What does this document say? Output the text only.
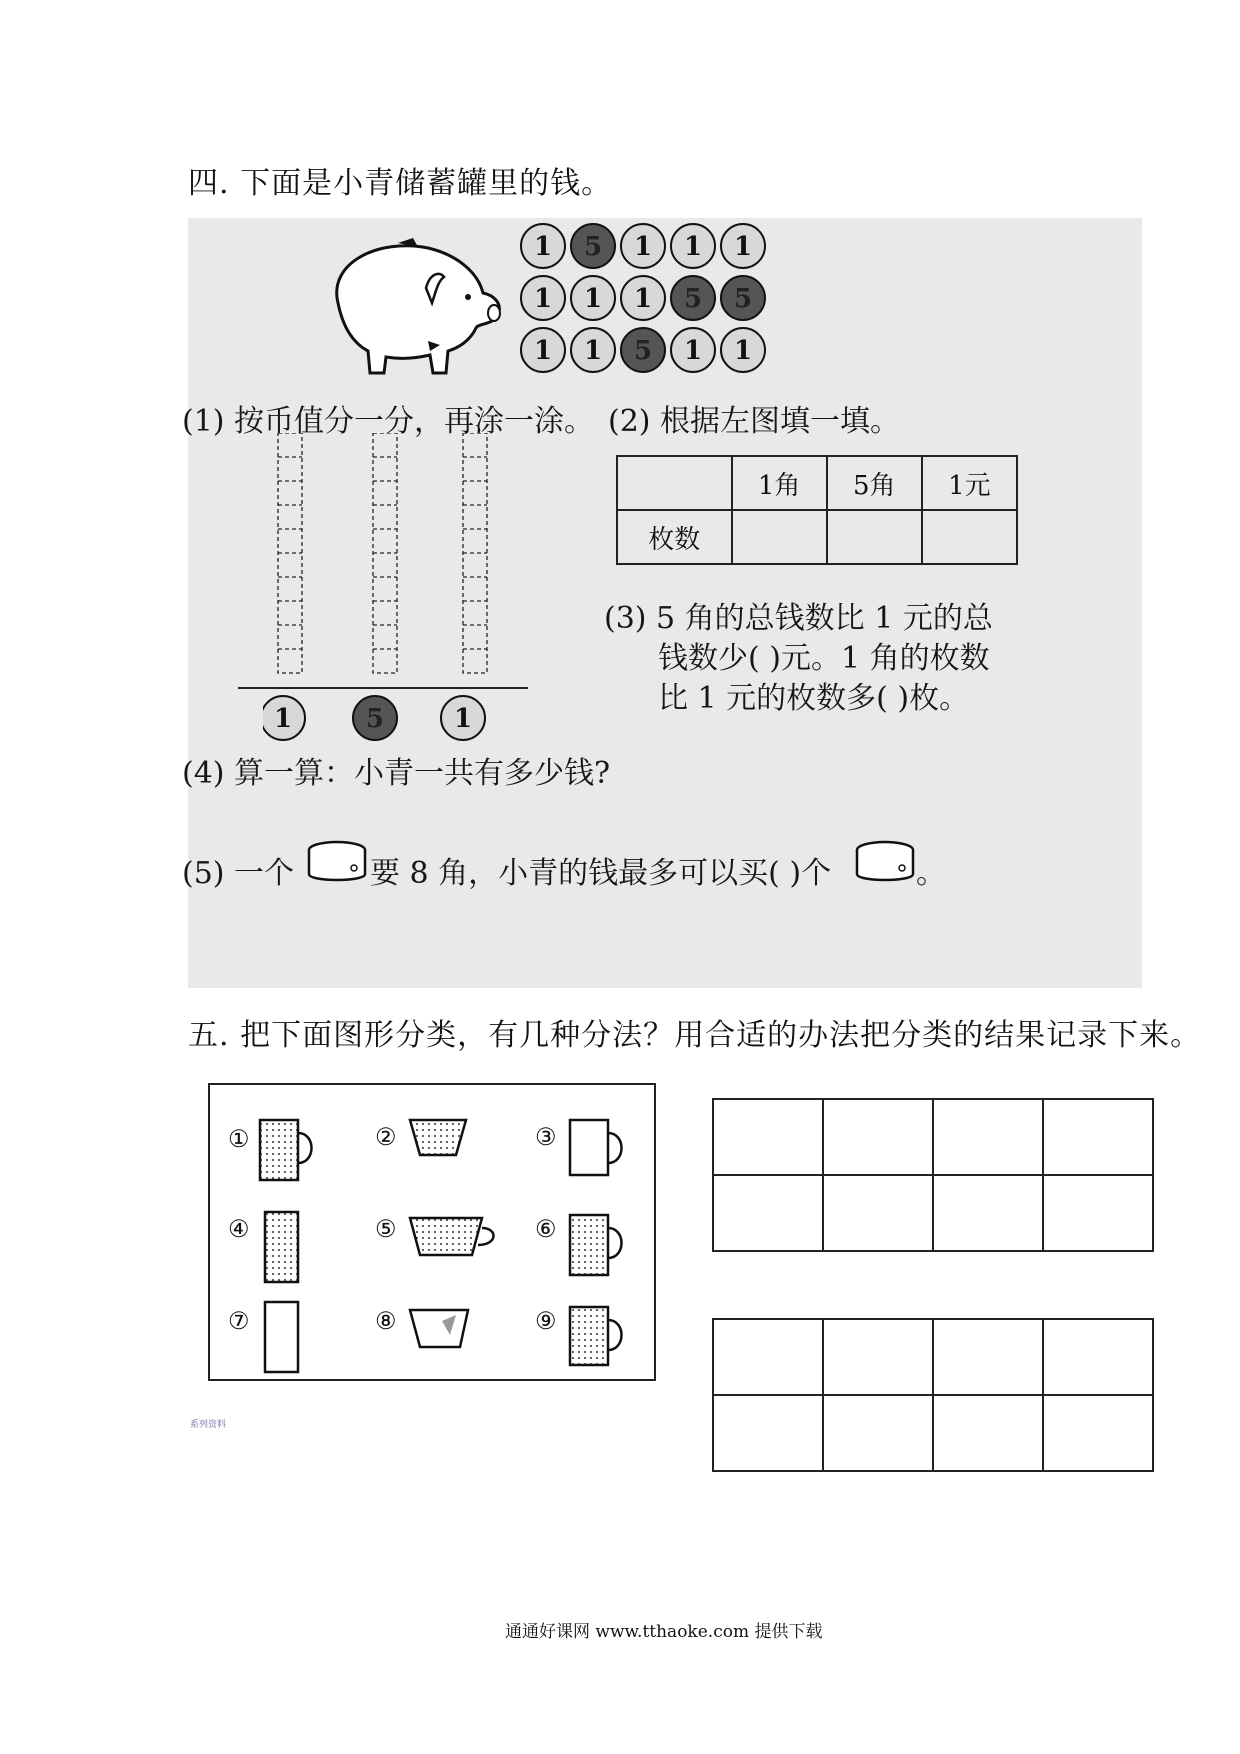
四. 下面是小青储蓄罐里的钱。
1 5 1 1 1
1 1 1 5 5
1 1 5 1 1
(1) 按币值分一分，再涂一涂。 (2) 根据左图填一填。
1	5	1
	1角	5角	1元
枚数			
(3) 5 角的总钱数比 1 元的总
钱数少( )元。1 角的枚数
比 1 元的枚数多( )枚。
(4) 算一算：小青一共有多少钱?
(5) 一个	要 8 角，小青的钱最多可以买( )个	。
五. 把下面图形分类，有几种分法？用合适的办法把分类的结果记录下来。
①	②	③
④	⑤	⑥
⑦	⑧	⑨

系列资料
通通好课网 www.tthaoke.com 提供下载
